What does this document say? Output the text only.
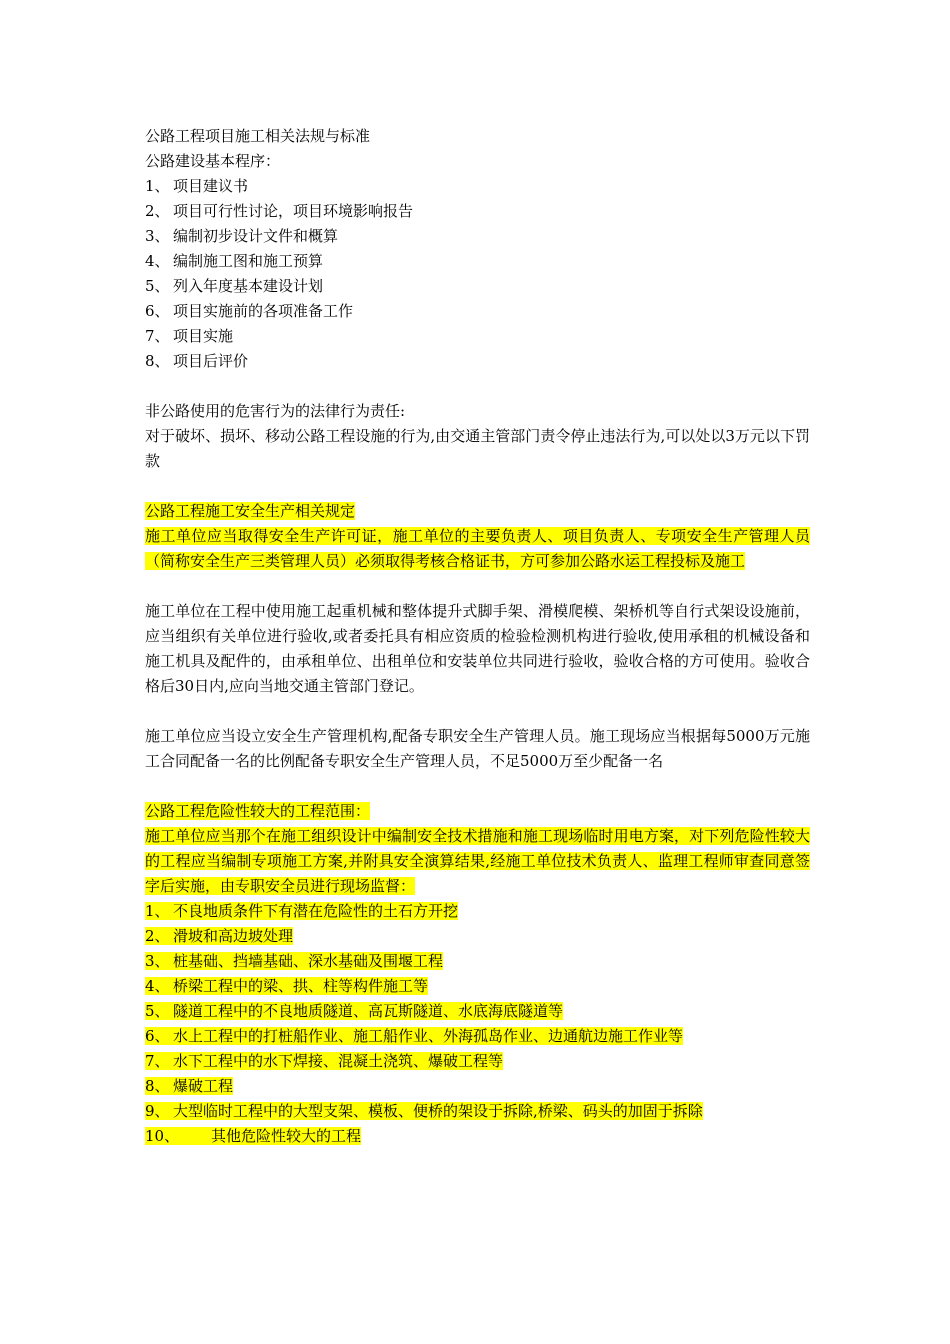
公路工程项目施工相关法规与标准

公路建设基本程序：

1、 项目建议书

2、 项目可行性讨论，项目环境影响报告

3、 编制初步设计文件和概算

4、 编制施工图和施工预算

5、 列入年度基本建设计划

6、 项目实施前的各项准备工作

7、 项目实施

8、 项目后评价

非公路使用的危害行为的法律行为责任:

对于破坏、损坏、移动公路工程设施的行为,由交通主管部门责令停止违法行为,可以处以3万元以下罚款

公路工程施工安全生产相关规定

施工单位应当取得安全生产许可证，施工单位的主要负责人、项目负责人、专项安全生产管理人员（简称安全生产三类管理人员）必须取得考核合格证书，方可参加公路水运工程投标及施工

施工单位在工程中使用施工起重机械和整体提升式脚手架、滑模爬模、架桥机等自行式架设设施前，应当组织有关单位进行验收,或者委托具有相应资质的检验检测机构进行验收,使用承租的机械设备和施工机具及配件的，由承租单位、出租单位和安装单位共同进行验收，验收合格的方可使用。验收合格后30日内,应向当地交通主管部门登记。

施工单位应当设立安全生产管理机构,配备专职安全生产管理人员。施工现场应当根据每5000万元施工合同配备一名的比例配备专职安全生产管理人员，不足5000万至少配备一名

公路工程危险性较大的工程范围：

施工单位应当那个在施工组织设计中编制安全技术措施和施工现场临时用电方案，对下列危险性较大的工程应当编制专项施工方案,并附具安全演算结果,经施工单位技术负责人、监理工程师审查同意签字后实施，由专职安全员进行现场监督：

1、 不良地质条件下有潜在危险性的土石方开挖

2、 滑坡和高边坡处理

3、 桩基础、挡墙基础、深水基础及围堰工程

4、 桥梁工程中的梁、拱、柱等构件施工等

5、 隧道工程中的不良地质隧道、高瓦斯隧道、水底海底隧道等

6、 水上工程中的打桩船作业、施工船作业、外海孤岛作业、边通航边施工作业等

7、 水下工程中的水下焊接、混凝土浇筑、爆破工程等

8、 爆破工程

9、 大型临时工程中的大型支架、模板、便桥的架设于拆除,桥梁、码头的加固于拆除

10、 其他危险性较大的工程
